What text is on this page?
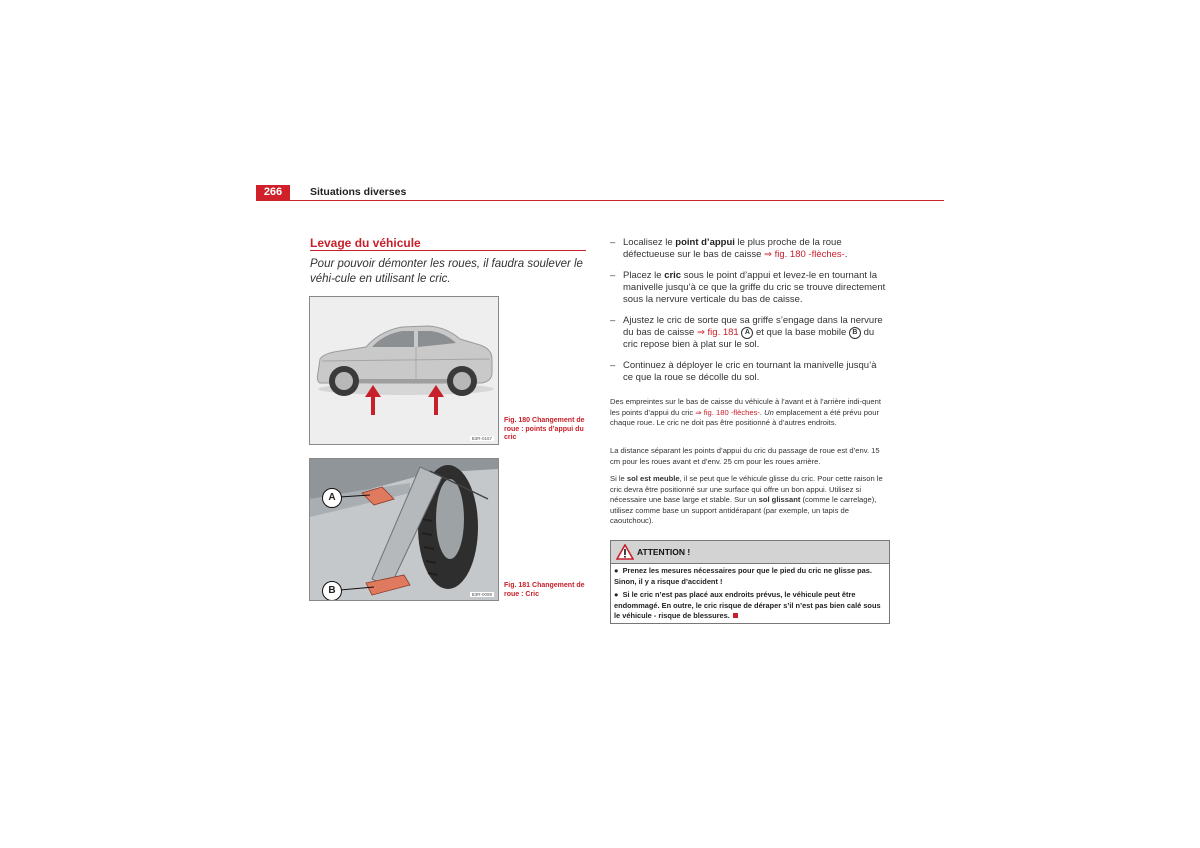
266	Situations diverses
Levage du véhicule
Pour pouvoir démonter les roues, il faudra soulever le véhi-cule en utilisant le cric.
B3R-0157
Fig. 180 Changement de roue : points d’appui du cric
A
B	B3R-0099
Fig. 181 Changement de roue : Cric
– Localisez le point d’appui le plus proche de la roue défectueuse sur le bas de caisse ⇒ fig. 180 -flèches-.
– Placez le cric sous le point d’appui et levez-le en tournant la manivelle jusqu’à ce que la griffe du cric se trouve directement sous la nervure verticale du bas de caisse.
– Ajustez le cric de sorte que sa griffe s’engage dans la nervure du bas de caisse ⇒ fig. 181 A et que la base mobile B du cric repose bien à plat sur le sol.
– Continuez à déployer le cric en tournant la manivelle jusqu’à ce que la roue se décolle du sol.
Des empreintes sur le bas de caisse du véhicule à l’avant et à l’arrière indi-quent les points d’appui du cric ⇒ fig. 180 -flèches-. Un emplacement a été prévu pour chaque roue. Le cric ne doit pas être positionné à d’autres endroits.
La distance séparant les points d’appui du cric du passage de roue est d’env. 15 cm pour les roues avant et d’env. 25 cm pour les roues arrière.
Si le sol est meuble, il se peut que le véhicule glisse du cric. Pour cette raison le cric devra être positionné sur une surface qui offre un bon appui. Utilisez si nécessaire une base large et stable. Sur un sol glissant (comme le carrelage), utilisez comme base un support antidérapant (par exemple, un tapis de caoutchouc).
ATTENTION !
● Prenez les mesures nécessaires pour que le pied du cric ne glisse pas. Sinon, il y a risque d’accident !
● Si le cric n’est pas placé aux endroits prévus, le véhicule peut être endommagé. En outre, le cric risque de déraper s’il n’est pas bien calé sous le véhicule - risque de blessures.
